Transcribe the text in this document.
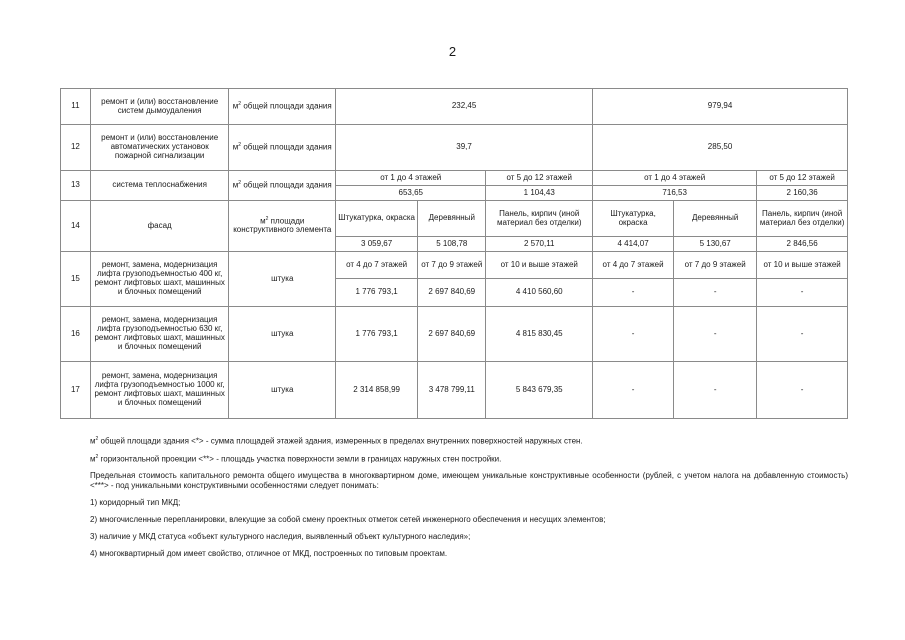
2
11	ремонт и (или) восстановление систем дымоудаления	$м^2$ общей площади здания	232,45			979,94		
12	ремонт и (или) восстановление автоматических установок пожарной сигнализации	$м^2$ общей площади здания	39,7			285,50		
13	система теплоснабжения	$м^2$ общей площади здания	от 1 до 4 этажей		от 5 до 12 этажей	от 1 до 4 этажей		от 5 до 12 этажей
			653,65		1 104,43	716,53		2 160,36
14	фасад	$м^2$ площади конструктивного элемента	Штукатурка, окраска	Деревянный	Панель, кирпич (иной материал без отделки)	Штукатурка, окраска	Деревянный	Панель, кирпич (иной материал без отделки)
			3 059,67	5 108,78	2 570,11	4 414,07	5 130,67	2 846,56
15	ремонт, замена, модернизация лифта грузоподъемностью 400 кг, ремонт лифтовых шахт, машинных и блочных помещений	штука	от 4 до 7 этажей	от 7 до 9 этажей	от 10 и выше этажей	от 4 до 7 этажей	от 7 до 9 этажей	от 10 и выше этажей
			1 776 793,1	2 697 840,69	4 410 560,60	-	-	-
16	ремонт, замена, модернизация лифта грузоподъемностью 630 кг, ремонт лифтовых шахт, машинных и блочных помещений	штука	1 776 793,1	2 697 840,69	4 815 830,45	-	-	-
17	ремонт, замена, модернизация лифта грузоподъемностью 1000 кг, ремонт лифтовых шахт, машинных и блочных помещений	штука	2 314 858,99	3 478 799,11	5 843 679,35	-	-	-

$м^2$ общей площади здания <*> - сумма площадей этажей здания, измеренных в пределах внутренних поверхностей наружных стен.

$м^2$ горизонтальной проекции <**> - площадь участка поверхности земли в границах наружных стен постройки.

Предельная стоимость капитального ремонта общего имущества в многоквартирном доме, имеющем уникальные конструктивные особенности (рублей, с учетом налога на добавленную стоимость) <***> - под уникальными конструктивными особенностями следует понимать:

1) коридорный тип МКД;

2) многочисленные перепланировки, влекущие за собой смену проектных отметок сетей инженерного обеспечения и несущих элементов;

3) наличие у МКД статуса «объект культурного наследия, выявленный объект культурного наследия»;

4) многоквартирный дом имеет свойство, отличное от МКД, построенных по типовым проектам.
